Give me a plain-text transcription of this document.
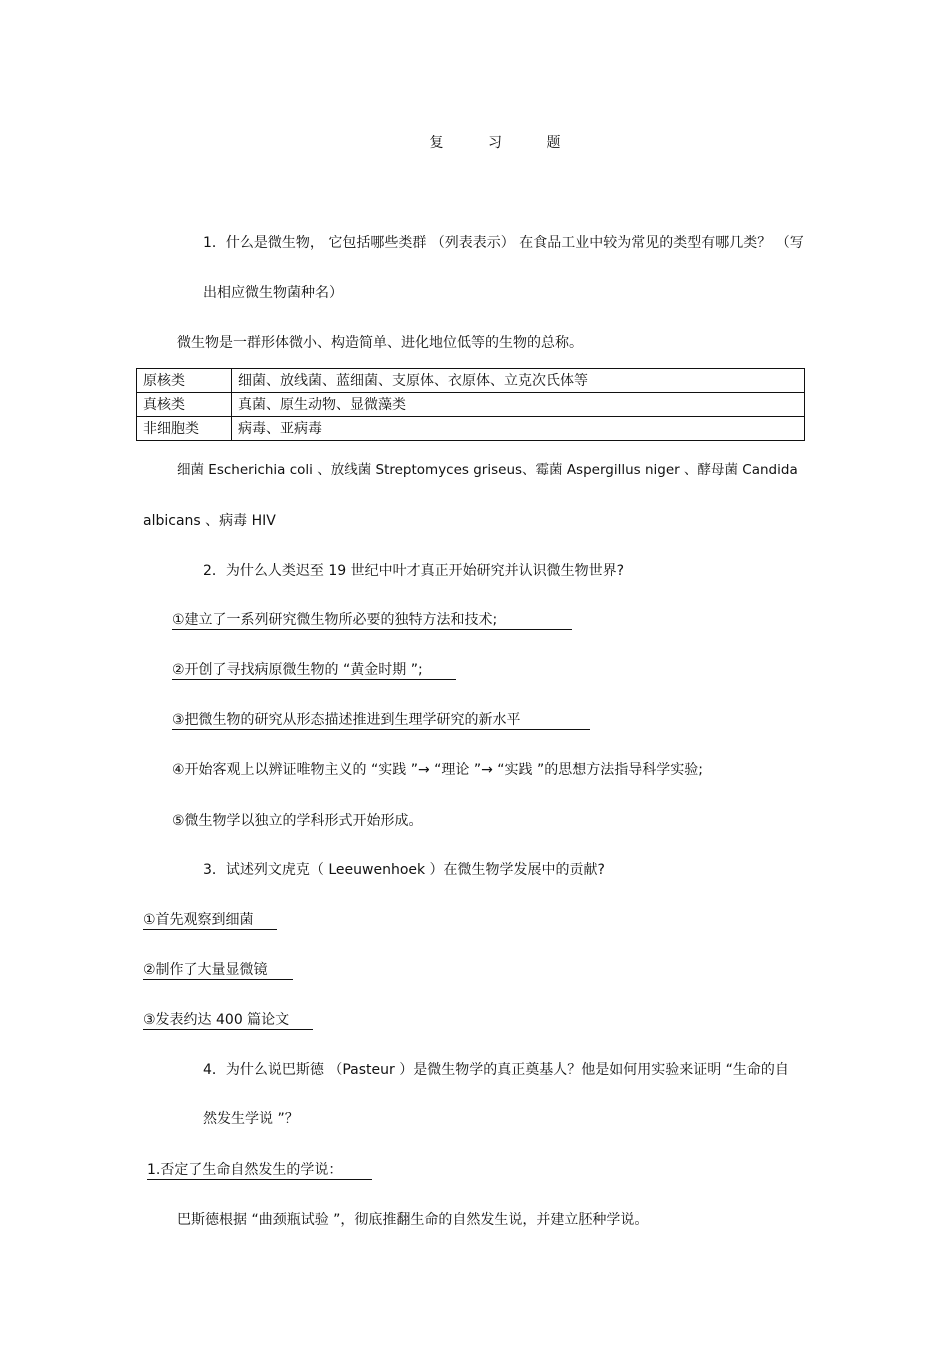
复 习 题
1．什么是微生物， 它包括哪些类群 （列表表示） 在食品工业中较为常见的类型有哪几类？ （写
出相应微生物菌种名）
微生物是一群形体微小、构造简单、进化地位低等的生物的总称。
原核类	细菌、放线菌、蓝细菌、支原体、衣原体、立克次氏体等
真核类	真菌、原生动物、显微藻类
非细胞类	病毒、亚病毒
细菌 Escherichia coli 、放线菌 Streptomyces griseus、霉菌 Aspergillus niger 、酵母菌 Candida
albicans 、病毒 HIV
2．为什么人类迟至 19 世纪中叶才真正开始研究并认识微生物世界?
①建立了一系列研究微生物所必要的独特方法和技术;
②开创了寻找病原微生物的 “黄金时期 ”;
③把微生物的研究从形态描述推进到生理学研究的新水平
④开始客观上以辨证唯物主义的 “实践 ”→ “理论 ”→ “实践 ”的思想方法指导科学实验;
⑤微生物学以独立的学科形式开始形成。
3．试述列文虎克（ Leeuwenhoek ）在微生物学发展中的贡献?
①首先观察到细菌
②制作了大量显微镜
③发表约达 400 篇论文
4．为什么说巴斯德 （Pasteur ）是微生物学的真正奠基人？他是如何用实验来证明 “生命的自
然发生学说 ”？
1.否定了生命自然发生的学说：
巴斯德根据 “曲颈瓶试验 ”，彻底推翻生命的自然发生说，并建立胚种学说。
